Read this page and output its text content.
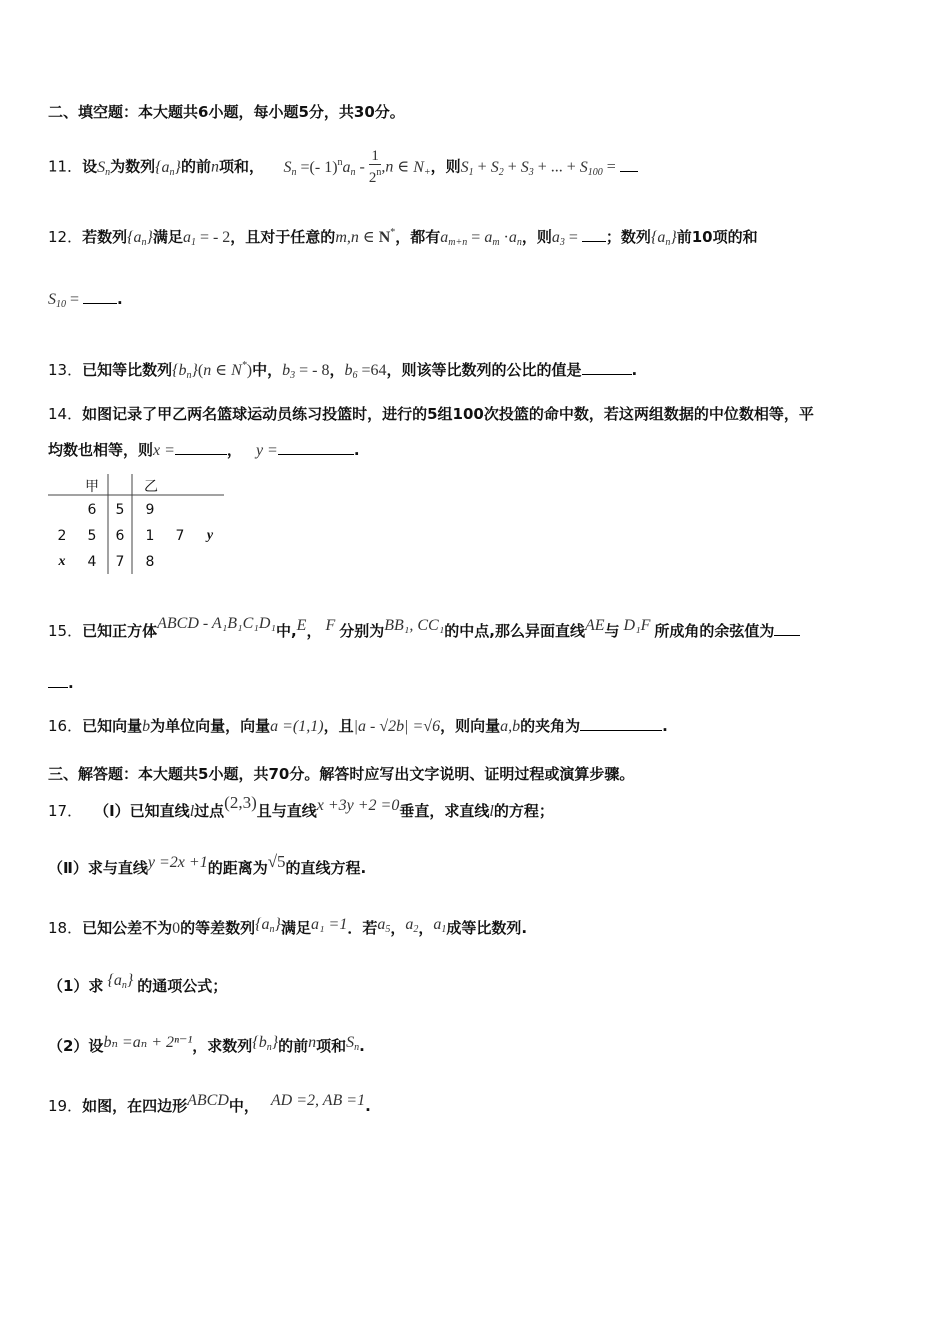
二、填空题：本大题共6小题，每小题5分，共30分。
11．设$S_n$为数列$\{a_n\}$的前n项和， $S_n$ =(- $1)^na_n - \frac{1}{2^n} ,n$ ∈ $N_+$，则$S_1 + S_2 + S_3$ + ... + $S_{100}$ =
12．若数列$\{a_n\}$满足$a_1$ = - 2，且对于任意的m,n ∈ N*，都有$a_{m+n} = a_m \cdot a_n$，则$a_3$ = ；数列$\{a_n\}$前10项的和
$S_{10}$ = .
13．已知等比数列$\{b_n\}(n$ ∈ N*)中，$b_3$ = - 8，$b_6 =64$，则该等比数列的公比的值是	.
14．如图记录了甲乙两名篮球运动员练习投篮时，进行的5组100次投篮的命中数，若这两组数据的中位数相等，平
均数也相等，则x =	， y =	.
甲	乙
6	5	9
2	5	6	1	7	y
x	4	7	8
15．已知正方体ABCD - A₁B₁C₁D₁中,E， F 分别为BB₁, CC₁的中点,那么异面直线AE与 D₁F 所成角的余弦值为
.
16．已知向量b为单位向量，向量a =(1,1)，且|a - √2b| =√6，则向量a,b的夹角为	.
三、解答题：本大题共5小题，共70分。解答时应写出文字说明、证明过程或演算步骤。
17． （Ⅰ）已知直线l过点(2,3)且与直线x +3y +2 =0垂直，求直线l的方程；
（Ⅱ）求与直线y =2x +1的距离为√5的直线方程.
18．已知公差不为0的等差数列$\{a_n\}$满足a₁ =1．若$a_5$，$a_2$，$a_1$成等比数列.
（1）求 $\{a_n\}$ 的通项公式；
（2）设bₙ =aₙ + 2ⁿ⁻¹，求数列$\{b_n\}$的前n项和$S_n$.
19．如图，在四边形ABCD中， AD =2, AB =1.
